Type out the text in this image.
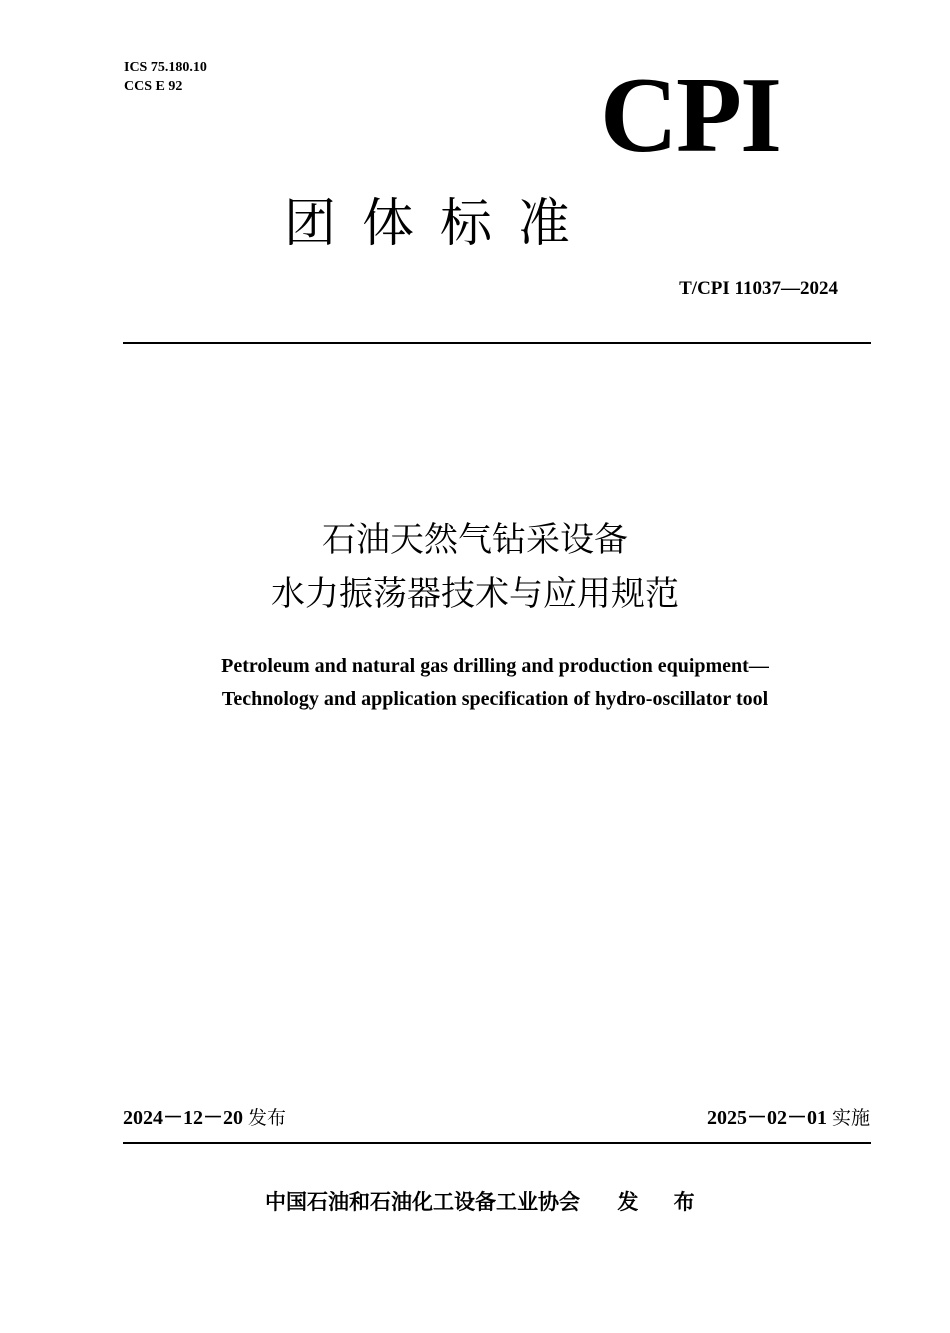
ICS 75.180.10
CCS E 92	CPI
团体标准
T/CPI 11037—2024
石油天然气钻采设备
水力振荡器技术与应用规范
Petroleum and natural gas drilling and production equipment—
Technology and application specification of hydro-oscillator tool
2024－12－20 发布	2025－02－01 实施
中国石油和石油化工设备工业协会 发 布
